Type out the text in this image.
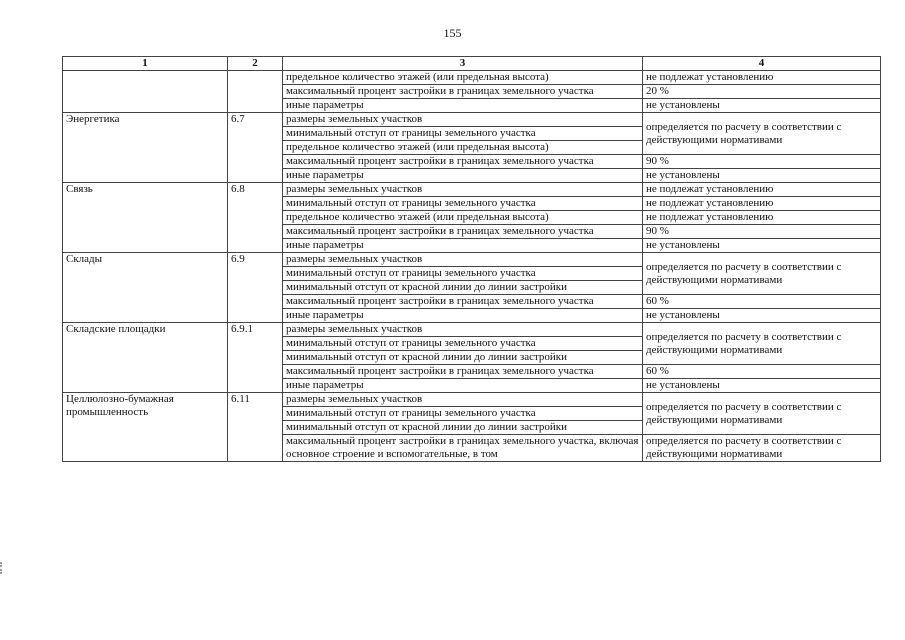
155
1	2	3	4
		предельное количество этажей (или предельная высота)	не подлежат установлению
		максимальный процент застройки в границах земельного участка	20 %
		иные параметры	не установлены
Энергетика	6.7	размеры земельных участков	определяется по расчету в соответствии с действующими нормативами
		минимальный отступ от границы земельного участка	
		предельное количество этажей (или предельная высота)	
		максимальный процент застройки в границах земельного участка	90 %
		иные параметры	не установлены
Связь	6.8	размеры земельных участков	не подлежат установлению
		минимальный отступ от границы земельного участка	не подлежат установлению
		предельное количество этажей (или предельная высота)	не подлежат установлению
		максимальный процент застройки в границах земельного участка	90 %
		иные параметры	не установлены
Склады	6.9	размеры земельных участков	определяется по расчету в соответствии с действующими нормативами
		минимальный отступ от границы земельного участка	
		минимальный отступ от красной линии до линии застройки	
		максимальный процент застройки в границах земельного участка	60 %
		иные параметры	не установлены
Складские площадки	6.9.1	размеры земельных участков	определяется по расчету в соответствии с действующими нормативами
		минимальный отступ от границы земельного участка	
		минимальный отступ от красной линии до линии застройки	
		максимальный процент застройки в границах земельного участка	60 %
		иные параметры	не установлены
Целлюлозно-бумажная промышленность	6.11	размеры земельных участков	определяется по расчету в соответствии с действующими нормативами
		минимальный отступ от границы земельного участка	
		минимальный отступ от красной линии до линии застройки	
		максимальный процент застройки в границах земельного участка, включая основное строение и вспомогательные, в том	определяется по расчету в соответствии с действующими нормативами
